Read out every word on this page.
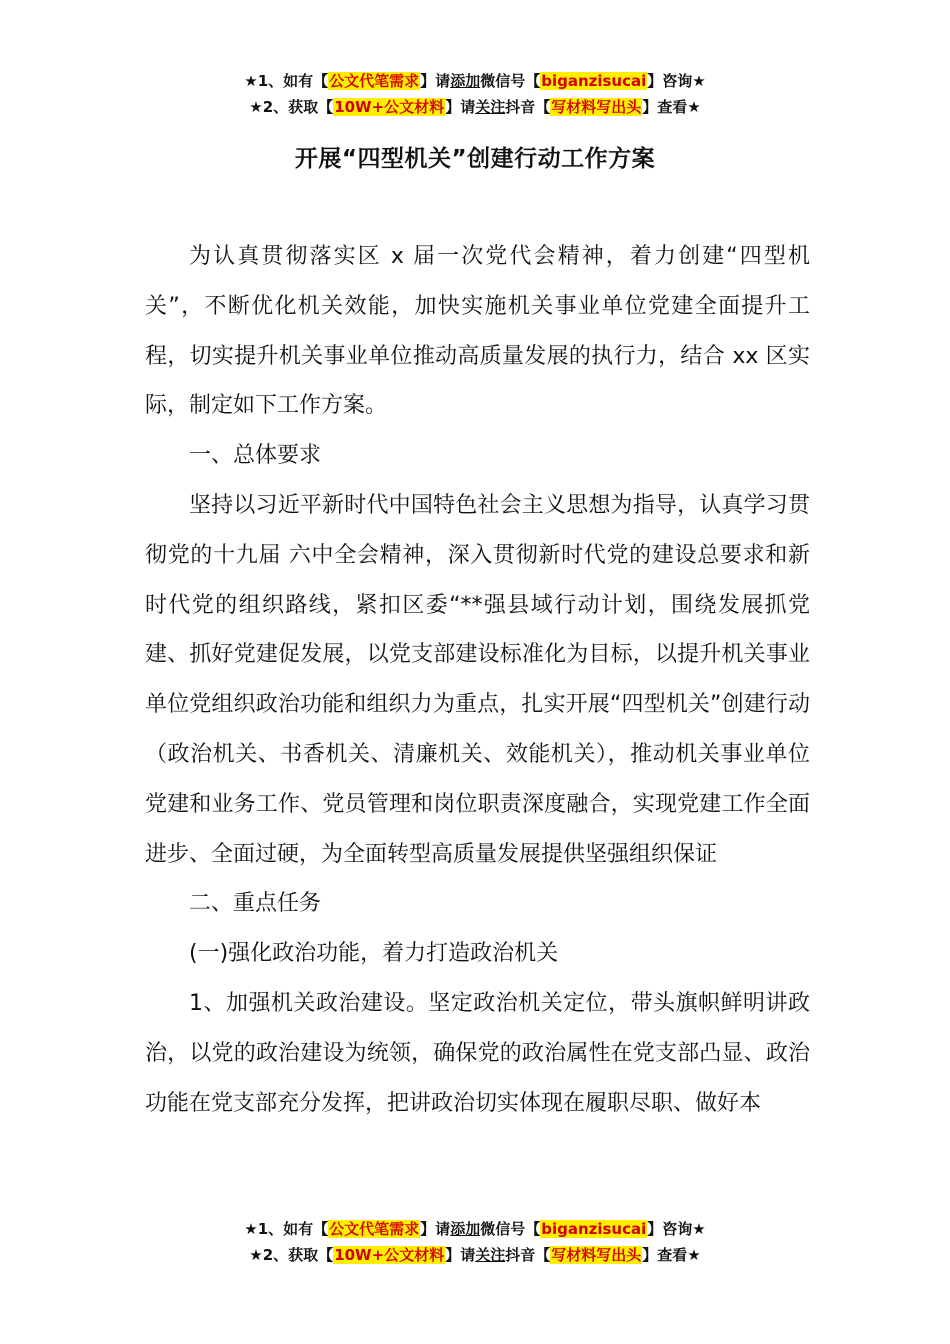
★1、如有【公文代笔需求】请添加微信号【biganzisucai】咨询★
★2、获取【10W+公文材料】请关注抖音【写材料写出头】查看★
开展“四型机关”创建行动工作方案

为认真贯彻落实区 x 届一次党代会精神，着力创建“四型机关”，不断优化机关效能，加快实施机关事业单位党建全面提升工程，切实提升机关事业单位推动高质量发展的执行力，结合 xx 区实际，制定如下工作方案。

一、总体要求

坚持以习近平新时代中国特色社会主义思想为指导，认真学习贯彻党的十九届 六中全会精神，深入贯彻新时代党的建设总要求和新时代党的组织路线，紧扣区委“**强县域行动计划，围绕发展抓党建、抓好党建促发展，以党支部建设标准化为目标，以提升机关事业单位党组织政治功能和组织力为重点，扎实开展“四型机关”创建行动（政治机关、书香机关、清廉机关、效能机关），推动机关事业单位党建和业务工作、党员管理和岗位职责深度融合，实现党建工作全面进步、全面过硬，为全面转型高质量发展提供坚强组织保证

二、重点任务

(一)强化政治功能，着力打造政治机关

1、加强机关政治建设。坚定政治机关定位，带头旗帜鲜明讲政治，以党的政治建设为统领，确保党的政治属性在党支部凸显、政治功能在党支部充分发挥，把讲政治切实体现在履职尽职、做好本

★1、如有【公文代笔需求】请添加微信号【biganzisucai】咨询★
★2、获取【10W+公文材料】请关注抖音【写材料写出头】查看★
